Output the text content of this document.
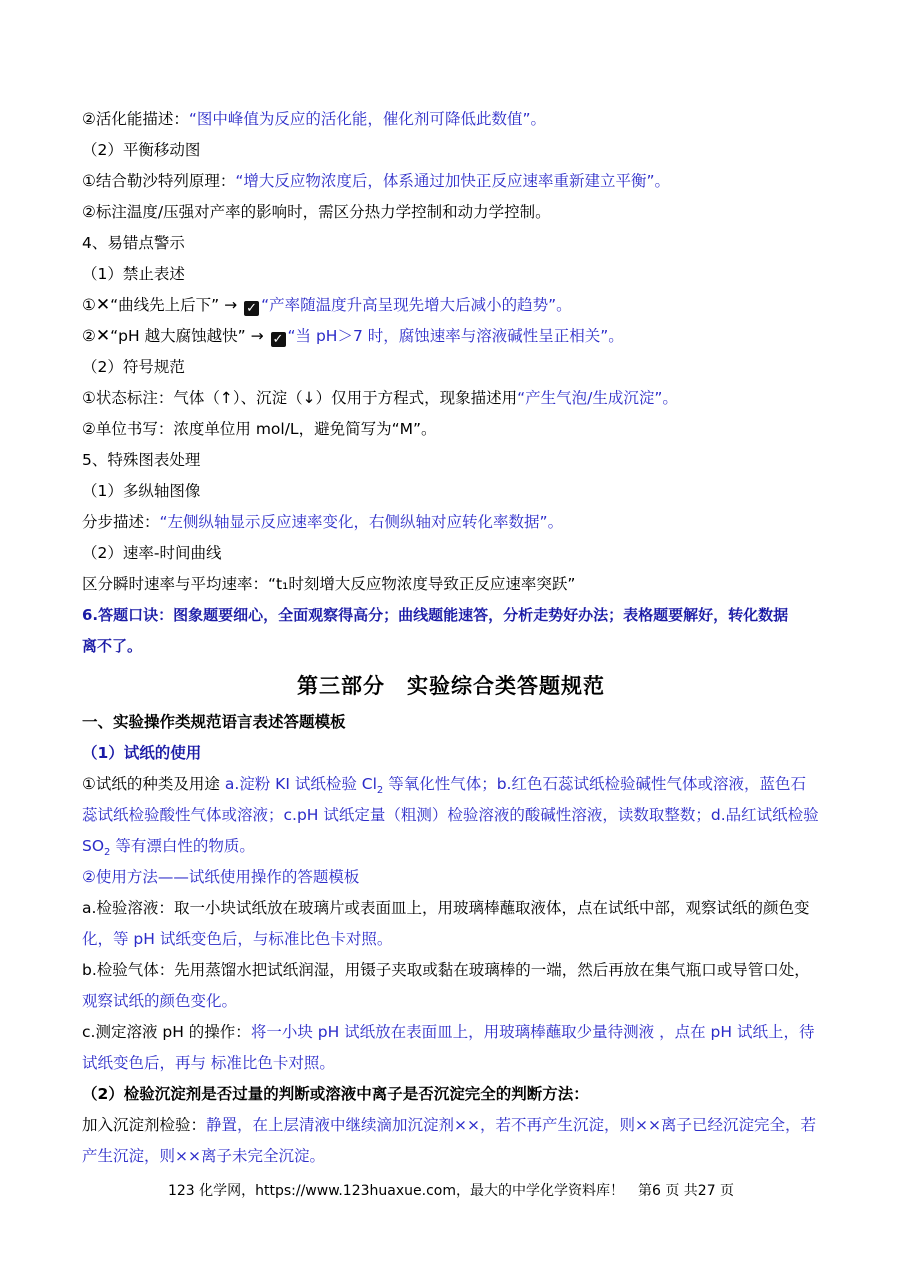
②活化能描述：“图中峰值为反应的活化能，催化剂可降低此数值”。
（2）平衡移动图
①结合勒沙特列原理：“增大反应物浓度后，体系通过加快正反应速率重新建立平衡”。
②标注温度/压强对产率的影响时，需区分热力学控制和动力学控制。
4、易错点警示
（1）禁止表述
①✕“曲线先上后下” → ✓ “产率随温度升高呈现先增大后减小的趋势”。
②✕“pH 越大腐蚀越快” → ✓ “当 pH＞7 时，腐蚀速率与溶液碱性呈正相关”。
（2）符号规范
①状态标注：气体（↑）、沉淀（↓）仅用于方程式，现象描述用“产生气泡/生成沉淀”。
②单位书写：浓度单位用 mol/L，避免简写为“M”。
5、特殊图表处理
（1）多纵轴图像
分步描述：“左侧纵轴显示反应速率变化，右侧纵轴对应转化率数据”。
（2）速率-时间曲线
区分瞬时速率与平均速率：“t₁时刻增大反应物浓度导致正反应速率突跃”
6.答题口诀：图象题要细心，全面观察得高分；曲线题能速答，分析走势好办法；表格题要解好，转化数据
离不了。
第三部分　实验综合类答题规范
一、实验操作类规范语言表述答题模板
（1）试纸的使用
①试纸的种类及用途 a.淀粉 KI 试纸检验 $Cl_2$ 等氧化性气体；b.红色石蕊试纸检验碱性气体或溶液，蓝色石
蕊试纸检验酸性气体或溶液；c.pH 试纸定量（粗测）检验溶液的酸碱性溶液，读数取整数；d.品红试纸检验
$SO_2$ 等有漂白性的物质。
②使用方法——试纸使用操作的答题模板
a.检验溶液：取一小块试纸放在玻璃片或表面皿上，用玻璃棒蘸取液体，点在试纸中部，观察试纸的颜色变
化，等 pH 试纸变色后，与标准比色卡对照。
b.检验气体：先用蒸馏水把试纸润湿，用镊子夹取或黏在玻璃棒的一端，然后再放在集气瓶口或导管口处，
观察试纸的颜色变化。
c.测定溶液 pH 的操作：将一小块 pH 试纸放在表面皿上，用玻璃棒蘸取少量待测液 ，点在 pH 试纸上，待
试纸变色后，再与 标准比色卡对照。
（2）检验沉淀剂是否过量的判断或溶液中离子是否沉淀完全的判断方法：
加入沉淀剂检验：静置，在上层清液中继续滴加沉淀剂××，若不再产生沉淀，则××离子已经沉淀完全，若
产生沉淀，则××离子未完全沉淀。
123 化学网，https://www.123huaxue.com，最大的中学化学资料库！　第6 页 共27 页
